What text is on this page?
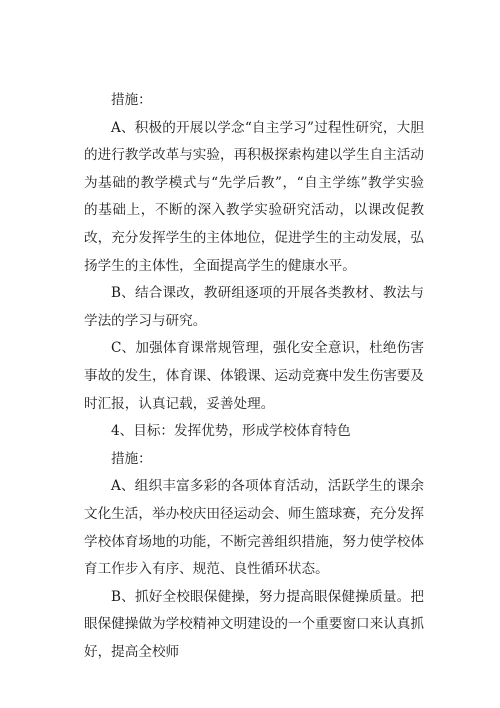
措施：

A、积极的开展以学念“自主学习”过程性研究，大胆的进行教学改革与实验，再积极探索构建以学生自主活动为基础的教学模式与“先学后教”，“自主学练”教学实验的基础上，不断的深入教学实验研究活动，以课改促教改，充分发挥学生的主体地位，促进学生的主动发展，弘扬学生的主体性，全面提高学生的健康水平。

B、结合课改，教研组逐项的开展各类教材、教法与学法的学习与研究。

C、加强体育课常规管理，强化安全意识，杜绝伤害事故的发生，体育课、体锻课、运动竞赛中发生伤害要及时汇报，认真记载，妥善处理。

4、目标：发挥优势，形成学校体育特色

措施：

A、组织丰富多彩的各项体育活动，活跃学生的课余文化生活，举办校庆田径运动会、师生篮球赛，充分发挥学校体育场地的功能，不断完善组织措施，努力使学校体育工作步入有序、规范、良性循环状态。

B、抓好全校眼保健操，努力提高眼保健操质量。把眼保健操做为学校精神文明建设的一个重要窗口来认真抓好，提高全校师
